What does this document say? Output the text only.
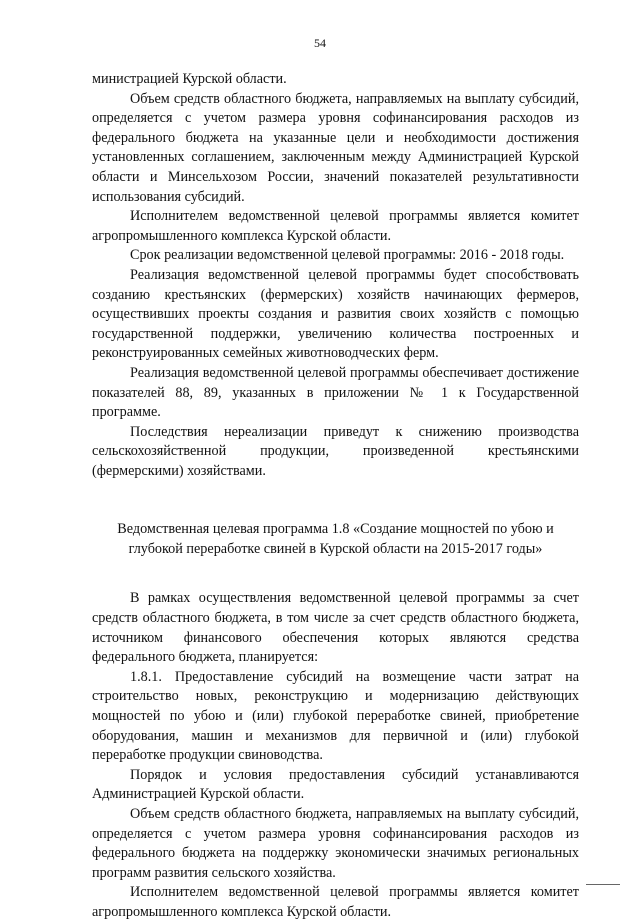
54

министрацией Курской области.

Объем средств областного бюджета, направляемых на выплату субсидий, определяется с учетом размера уровня софинансирования расходов из федерального бюджета на указанные цели и необходимости достижения установленных соглашением, заключенным между Администрацией Курской области и Минсельхозом России, значений показателей результативности использования субсидий.

Исполнителем ведомственной целевой программы является комитет агропромышленного комплекса Курской области.

Срок реализации ведомственной целевой программы: 2016 - 2018 годы.

Реализация ведомственной целевой программы будет способствовать созданию крестьянских (фермерских) хозяйств начинающих фермеров, осуществивших проекты создания и развития своих хозяйств с помощью государственной поддержки, увеличению количества построенных и реконструированных семейных животноводческих ферм.

Реализация ведомственной целевой программы обеспечивает достижение показателей 88, 89, указанных в приложении № 1 к Государственной программе.

Последствия нереализации приведут к снижению производства сельскохозяйственной продукции, произведенной крестьянскими (фермерскими) хозяйствами.

Ведомственная целевая программа 1.8 «Создание мощностей по убою и
глубокой переработке свиней в Курской области на 2015-2017 годы»

В рамках осуществления ведомственной целевой программы за счет средств областного бюджета, в том числе за счет средств областного бюджета, источником финансового обеспечения которых являются средства федерального бюджета, планируется:

1.8.1. Предоставление субсидий на возмещение части затрат на строительство новых, реконструкцию и модернизацию действующих мощностей по убою и (или) глубокой переработке свиней, приобретение оборудования, машин и механизмов для первичной и (или) глубокой переработке продукции свиноводства.

Порядок и условия предоставления субсидий устанавливаются Администрацией Курской области.

Объем средств областного бюджета, направляемых на выплату субсидий, определяется с учетом размера уровня софинансирования расходов из федерального бюджета на поддержку экономически значимых региональных программ развития сельского хозяйства.

Исполнителем ведомственной целевой программы является комитет агропромышленного комплекса Курской области.
